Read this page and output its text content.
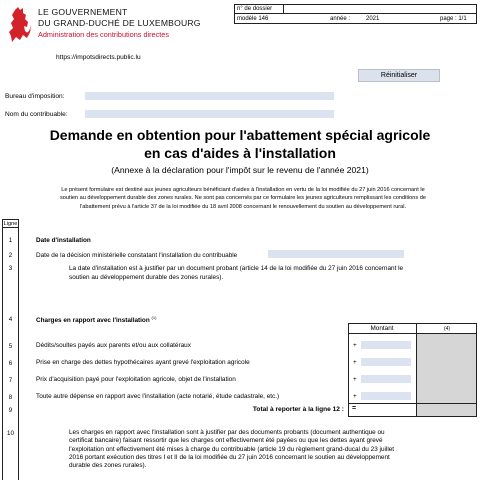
LE GOUVERNEMENT
DU GRAND-DUCHÉ DE LUXEMBOURG
Administration des contributions directes
https://impotsdirects.public.lu
n° de dossier
modèle 146	année :	2021	page : 1/1
Réinitialiser
Bureau d'imposition:
Nom du contribuable:
Demande en obtention pour l'abattement spécial agricole
en cas d'aides à l'installation
(Annexe à la déclaration pour l'impôt sur le revenu de l'année 2021)
Le présent formulaire est destiné aux jeunes agriculteurs bénéficiant d'aides à l'installation en vertu de la loi modifiée du 27 juin 2016 concernant le
soutien au développement durable des zones rurales. Ne sont pas concernés par ce formulaire les jeunes agriculteurs remplissant les conditions de
l'abattement prévu à l'article 37 de la loi modifiée du 18 avril 2008 concernant le renouvellement du soutien au développement rural.
Ligne
1	Date d'installation
2	Date de la décision ministérielle constatant l'installation du contribuable
3	La date d'installation est à justifier par un document probant (article 14 de la loi modifiée du 27 juin 2016 concernant le
soutien au développement durable des zones rurales).
4	Charges en rapport avec l'installation $^{(1)}$
Montant	(4)
5	Dédits/soultes payés aux parents et/ou aux collatéraux	+
6	Prise en charge des dettes hypothécaires ayant grevé l'exploitation agricole	+
7	Prix d'acquisition payé pour l'exploitation agricole, objet de l'installation	+
8	Toute autre dépense en rapport avec l'installation (acte notarié, étude cadastrale, etc.)	+
9	Total à reporter à la ligne 12 : =
10	Les charges en rapport avec l'installation sont à justifier par des documents probants (document authentique ou
certificat bancaire) faisant ressortir que les charges ont effectivement été payées ou que les dettes ayant grevé
l'exploitation ont effectivement été mises à charge du contribuable (article 19 du règlement grand-ducal du 23 juillet
2016 portant exécution des titres I et II de la loi modifiée du 27 juin 2016 concernant le soutien au développement
durable des zones rurales).
